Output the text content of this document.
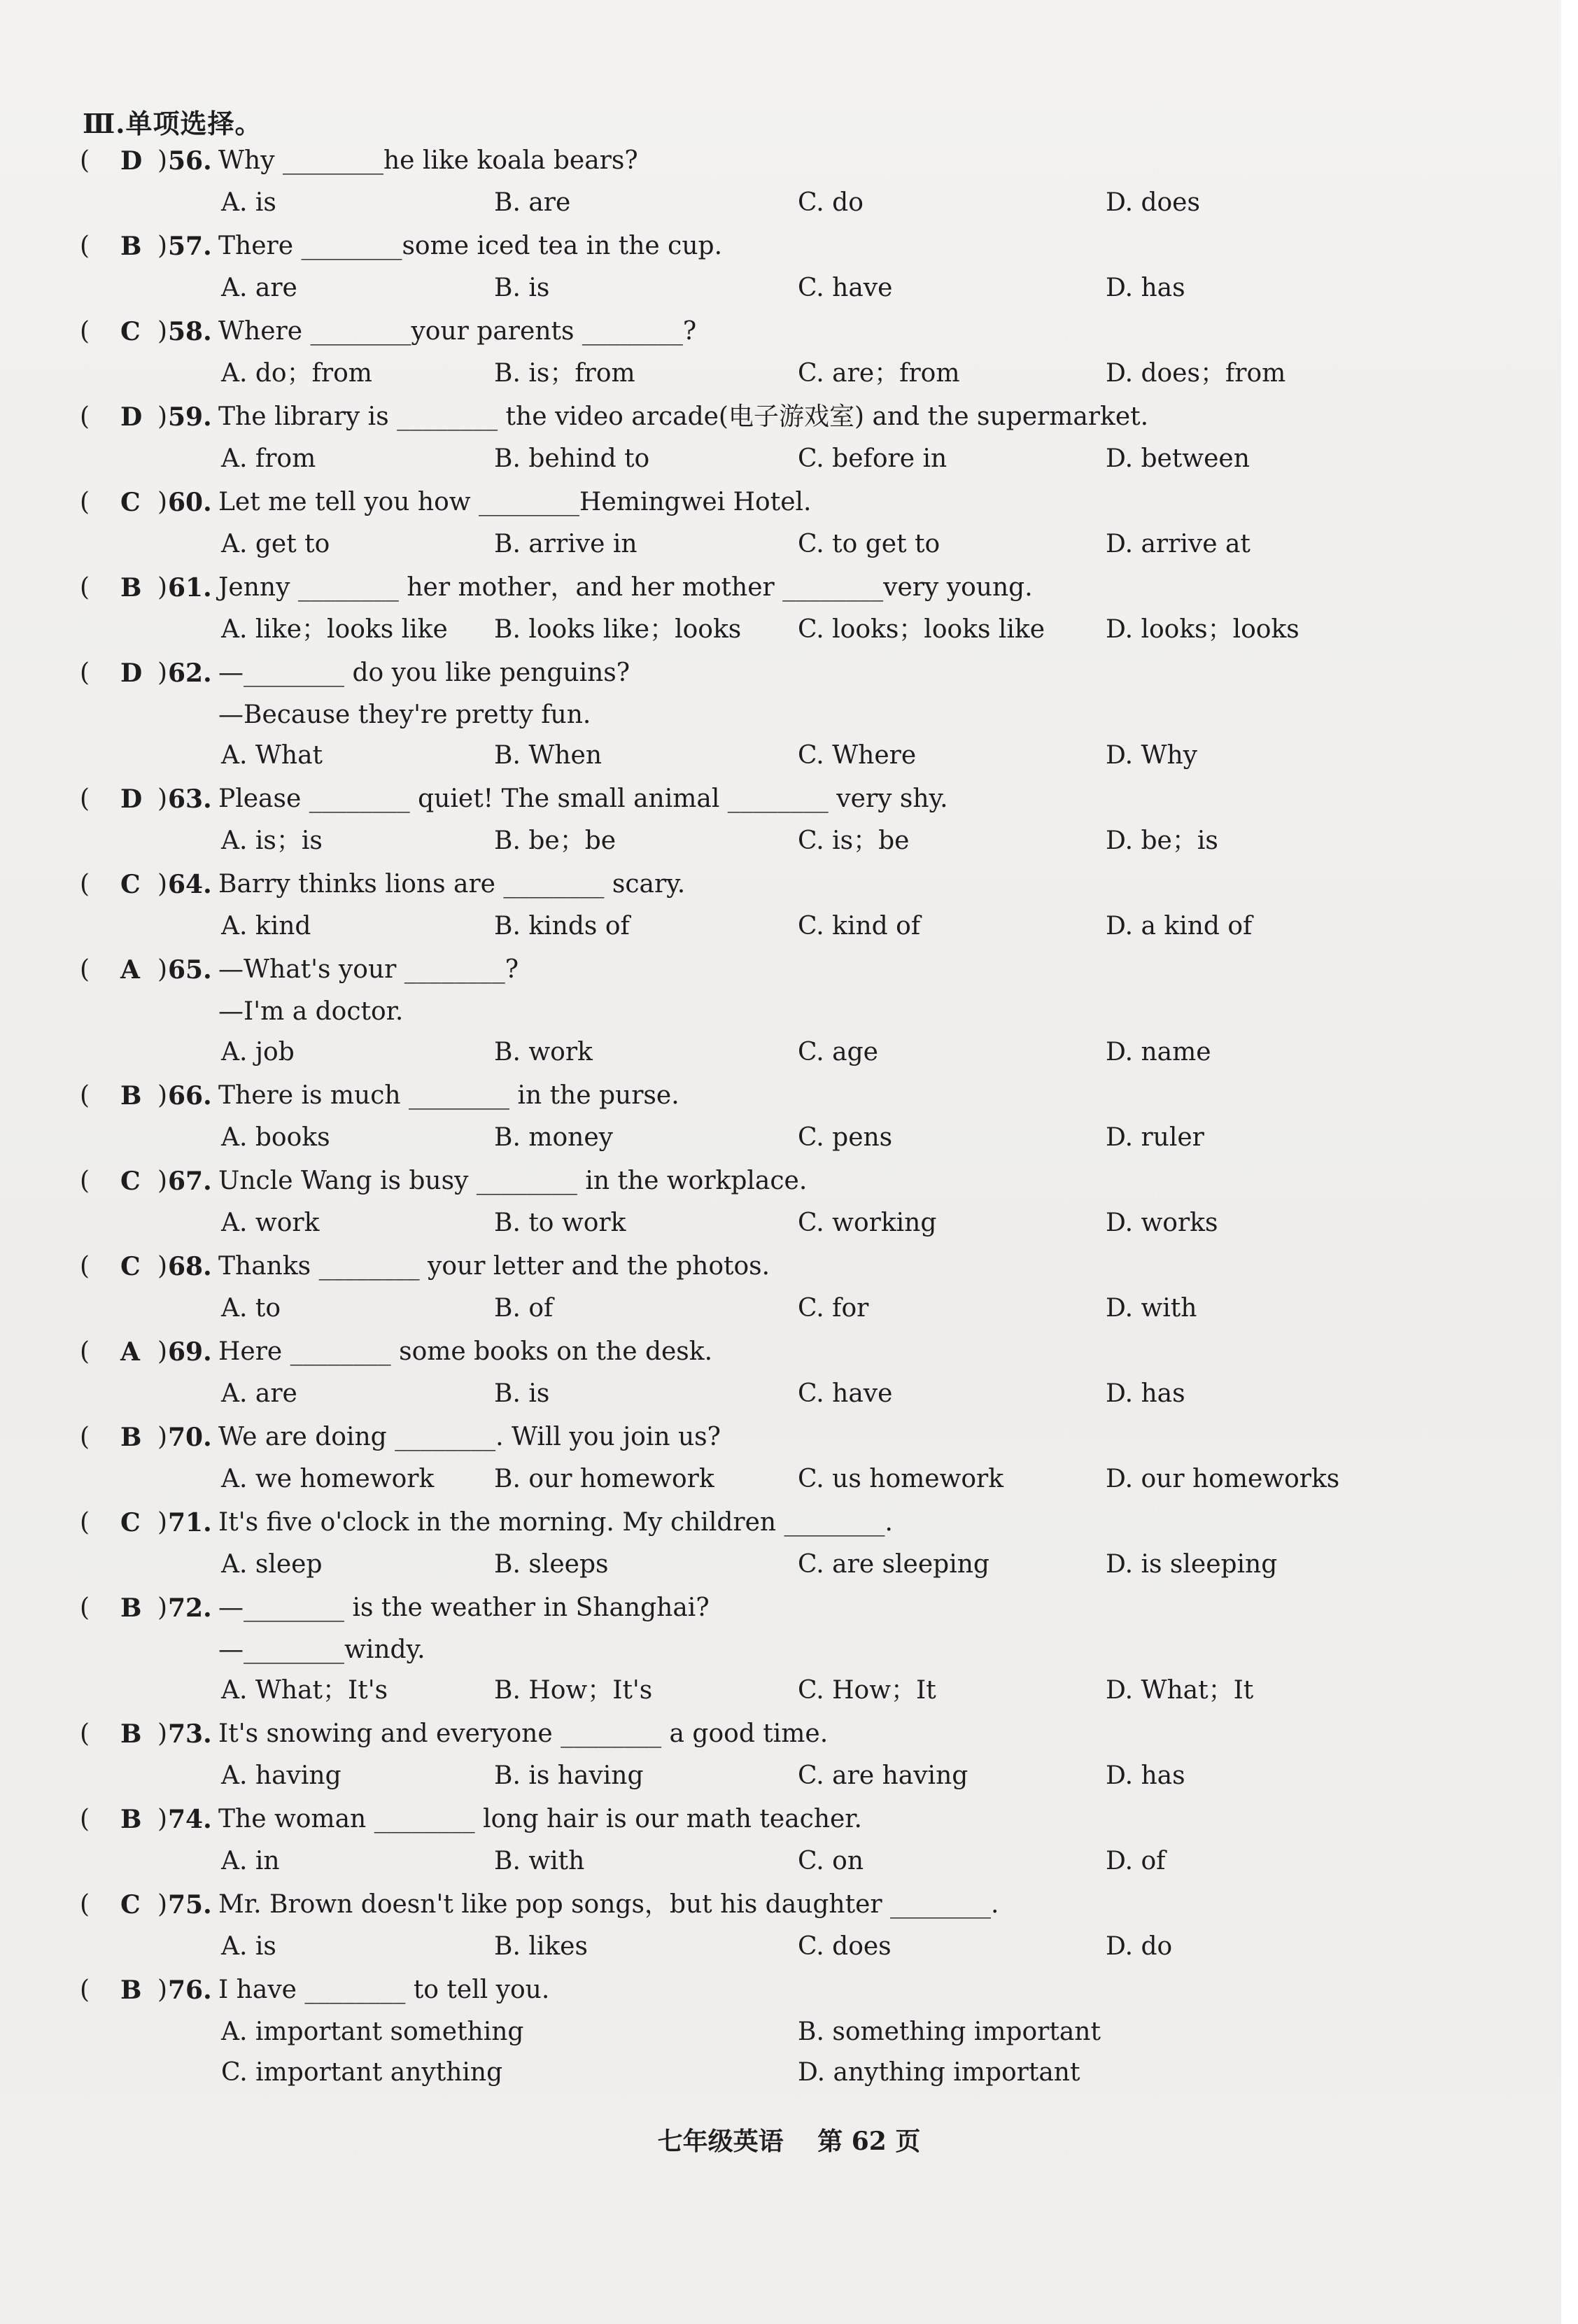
Ⅲ.单项选择。
( D ) 56. Why ________he like koala bears?
A. is	B. are	C. do	D. does
( B ) 57. There ________some iced tea in the cup.
A. are	B. is	C. have	D. has
( C ) 58. Where ________your parents ________?
A. do；from	B. is；from	C. are；from	D. does；from
( D ) 59. The library is ________ the video arcade(电子游戏室) and the supermarket.
A. from	B. behind to	C. before in	D. between
( C ) 60. Let me tell you how ________Hemingwei Hotel.
A. get to	B. arrive in	C. to get to	D. arrive at
( B ) 61. Jenny ________ her mother，and her mother ________very young.
A. like；looks like B. looks like；looks C. looks；looks like D. looks；looks
( D ) 62. —________ do you like penguins?
—Because they're pretty fun.
A. What	B. When	C. Where	D. Why
( D ) 63. Please ________ quiet! The small animal ________ very shy.
A. is；is	B. be；be	C. is；be	D. be；is
( C ) 64. Barry thinks lions are ________ scary.
A. kind	B. kinds of	C. kind of	D. a kind of
( A ) 65. —What's your ________?
—I'm a doctor.
A. job	B. work	C. age	D. name
( B ) 66. There is much ________ in the purse.
A. books	B. money	C. pens	D. ruler
( C ) 67. Uncle Wang is busy ________ in the workplace.
A. work	B. to work	C. working	D. works
( C ) 68. Thanks ________ your letter and the photos.
A. to	B. of	C. for	D. with
( A ) 69. Here ________ some books on the desk.
A. are	B. is	C. have	D. has
( B ) 70. We are doing ________. Will you join us?
A. we homework B. our homework	C. us homework	D. our homeworks
( C ) 71. It's five o'clock in the morning. My children ________.
A. sleep	B. sleeps	C. are sleeping	D. is sleeping
( B ) 72. —________ is the weather in Shanghai?
—________windy.
A. What；It's	B. How；It's	C. How；It	D. What；It
( B ) 73. It's snowing and everyone ________ a good time.
A. having	B. is having	C. are having	D. has
( B ) 74. The woman ________ long hair is our math teacher.
A. in	B. with	C. on	D. of
( C ) 75. Mr. Brown doesn't like pop songs，but his daughter ________.
A. is	B. likes	C. does	D. do
( B ) 76. I have ________ to tell you.
A. important something	B. something important
C. important anything	D. anything important
七年级英语 第 62 页
